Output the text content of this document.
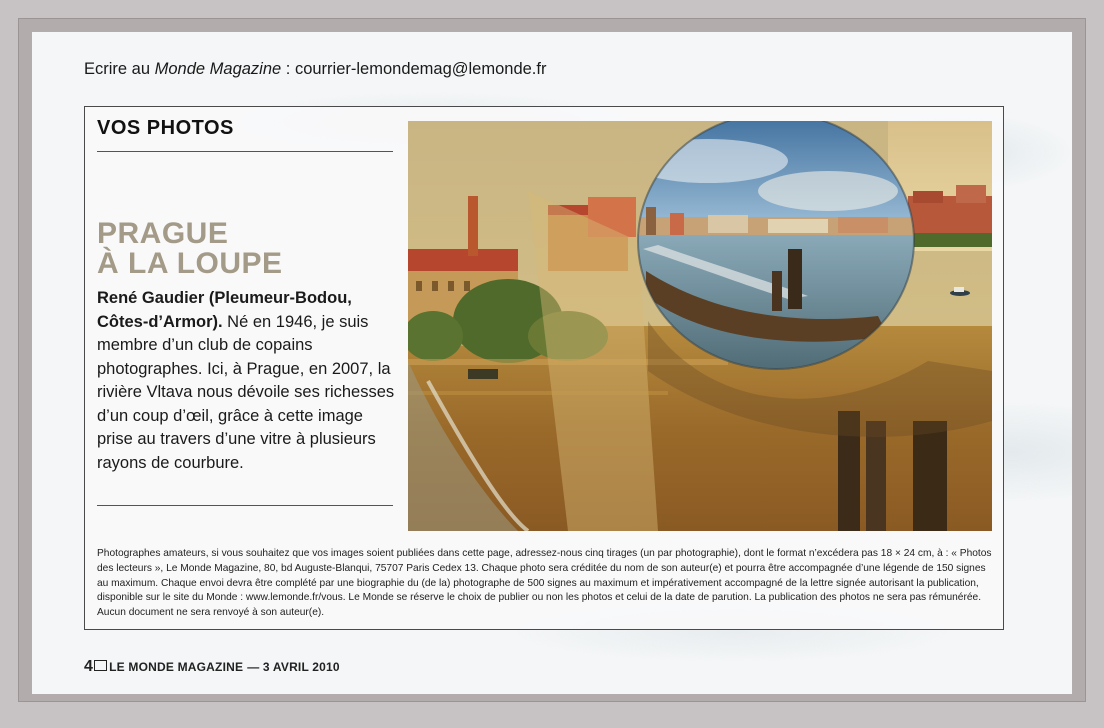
Ecrire au Monde Magazine : courrier-lemondemag@lemonde.fr
VOS PHOTOS
PRAGUE
À LA LOUPE
René Gaudier (Pleumeur-Bodou, Côtes-d’Armor). Né en 1946, je suis membre d’un club de copains photographes. Ici, à Prague, en 2007, la rivière Vltava nous dévoile ses richesses d’un coup d’œil, grâce à cette image prise au travers d’une vitre à plusieurs rayons de courbure.
Photographes amateurs, si vous souhaitez que vos images soient publiées dans cette page, adressez-nous cinq tirages (un par photographie), dont le format n’excédera pas 18 × 24 cm, à : « Photos des lecteurs », Le Monde Magazine, 80, bd Auguste-Blanqui, 75707 Paris Cedex 13. Chaque photo sera créditée du nom de son auteur(e) et pourra être accompagnée d’une légende de 150 signes au maximum. Chaque envoi devra être complété par une biographie du (de la) photographe de 500 signes au maximum et impérativement accompagné de la lettre signée autorisant la publication, disponible sur le site du Monde : www.lemonde.fr/vous. Le Monde se réserve le choix de publier ou non les photos et celui de la date de parution. La publication des photos ne sera pas rémunérée. Aucun document ne sera renvoyé à son auteur(e).
4 LE MONDE MAGAZINE — 3 AVRIL 2010
